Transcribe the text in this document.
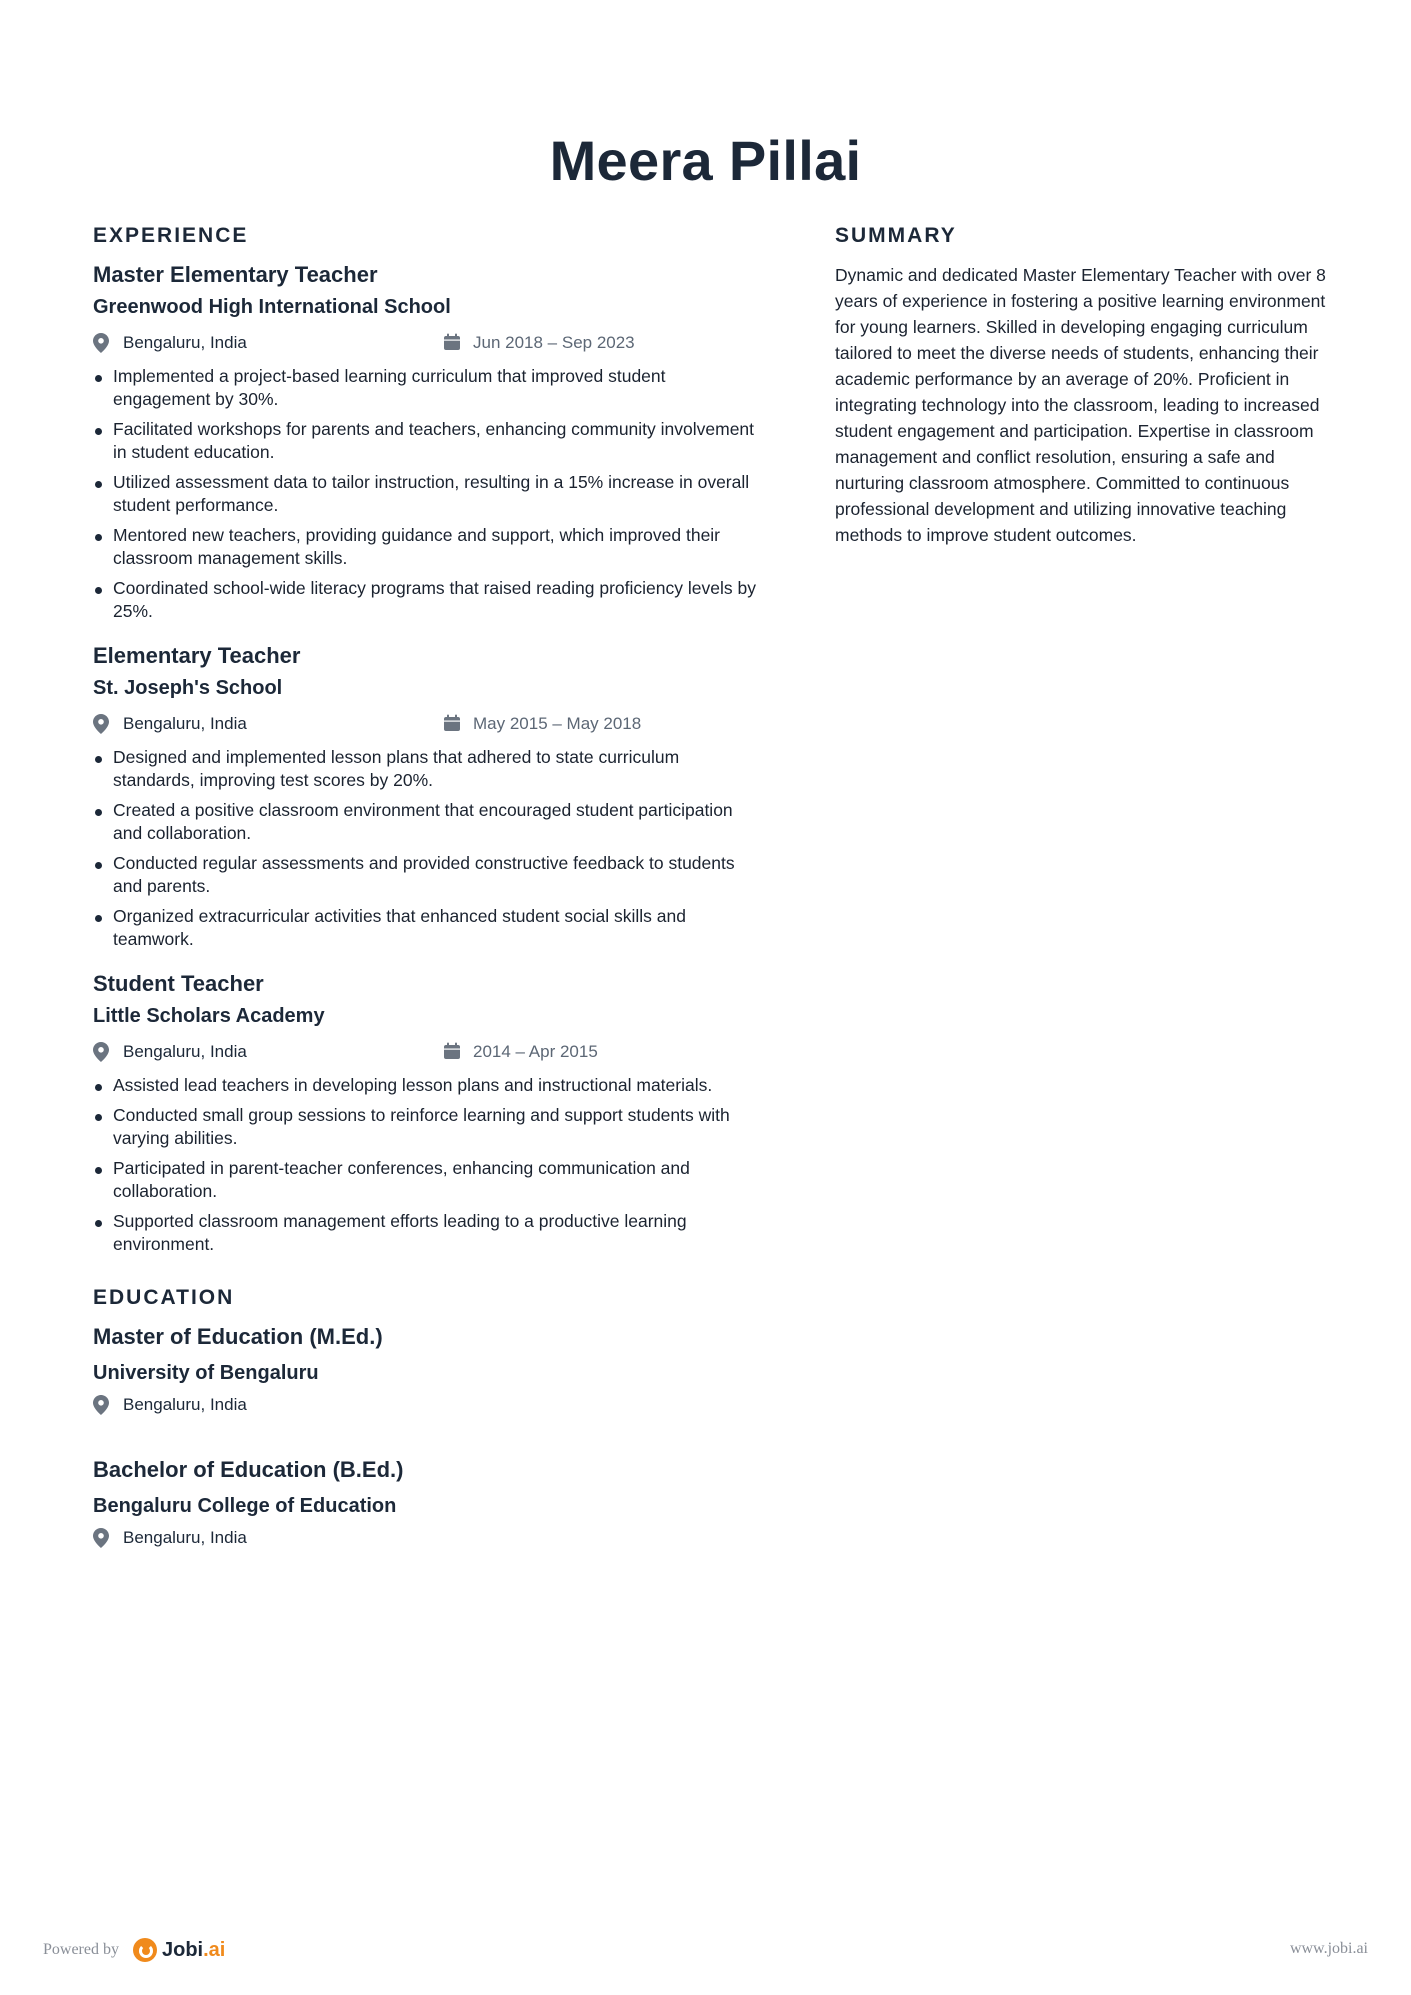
Meera Pillai
EXPERIENCE
Master Elementary Teacher
Greenwood High International School
Bengaluru, India	Jun 2018 – Sep 2023
Implemented a project-based learning curriculum that improved student engagement by 30%.
Facilitated workshops for parents and teachers, enhancing community involvement in student education.
Utilized assessment data to tailor instruction, resulting in a 15% increase in overall student performance.
Mentored new teachers, providing guidance and support, which improved their classroom management skills.
Coordinated school-wide literacy programs that raised reading proficiency levels by 25%.
Elementary Teacher
St. Joseph's School
Bengaluru, India	May 2015 – May 2018
Designed and implemented lesson plans that adhered to state curriculum standards, improving test scores by 20%.
Created a positive classroom environment that encouraged student participation and collaboration.
Conducted regular assessments and provided constructive feedback to students and parents.
Organized extracurricular activities that enhanced student social skills and teamwork.
Student Teacher
Little Scholars Academy
Bengaluru, India	2014 – Apr 2015
Assisted lead teachers in developing lesson plans and instructional materials.
Conducted small group sessions to reinforce learning and support students with varying abilities.
Participated in parent-teacher conferences, enhancing communication and collaboration.
Supported classroom management efforts leading to a productive learning environment.
EDUCATION
Master of Education (M.Ed.)
University of Bengaluru
Bengaluru, India
Bachelor of Education (B.Ed.)
Bengaluru College of Education
Bengaluru, India
SUMMARY

Dynamic and dedicated Master Elementary Teacher with over 8 years of experience in fostering a positive learning environment for young learners. Skilled in developing engaging curriculum tailored to meet the diverse needs of students, enhancing their academic performance by an average of 20%. Proficient in integrating technology into the classroom, leading to increased student engagement and participation. Expertise in classroom management and conflict resolution, ensuring a safe and nurturing classroom atmosphere. Committed to continuous professional development and utilizing innovative teaching methods to improve student outcomes.

Powered by Jobi.ai	www.jobi.ai
